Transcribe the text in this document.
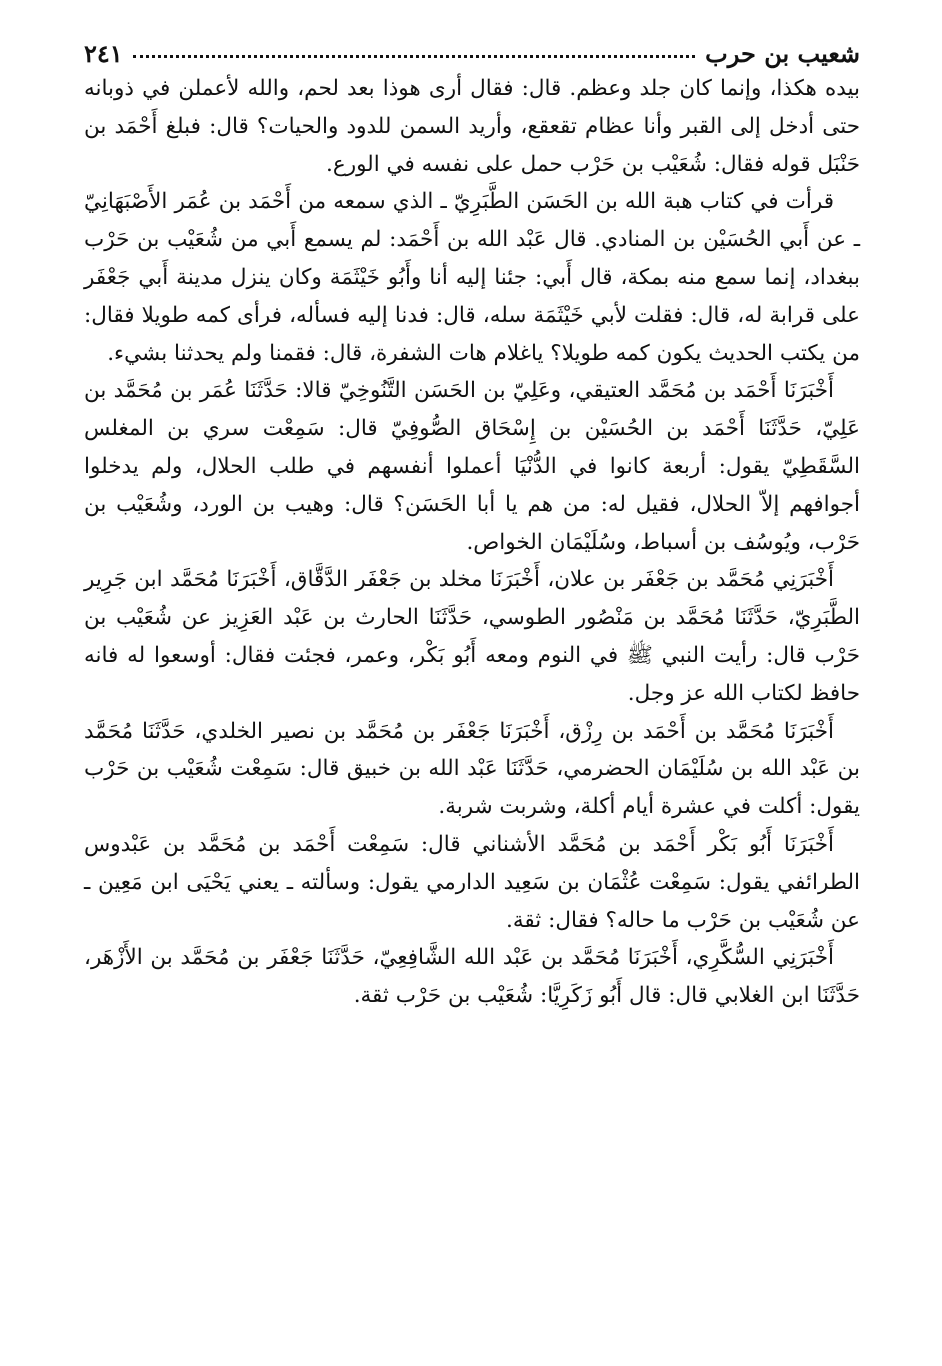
شعيب بن حرب
٢٤١

بيده هكذا، وإنما كان جلد وعظم. قال: فقال أرى هوذا بعد لحم، والله لأعملن في ذوبانه حتى أدخل إلى القبر وأنا عظام تقعقع، وأريد السمن للدود والحيات؟ قال: فبلغ أَحْمَد بن حَنْبَل قوله فقال: شُعَيْب بن حَرْب حمل على نفسه في الورع.

قرأت في كتاب هبة الله بن الحَسَن الطَّبَرِيّ ـ الذي سمعه من أَحْمَد بن عُمَر الأَصْبَهَانِيّ ـ عن أَبي الحُسَيْن بن المنادي. قال عَبْد الله بن أَحْمَد: لم يسمع أَبي من شُعَيْب بن حَرْب ببغداد، إنما سمع منه بمكة، قال أَبي: جئنا إليه أنا وأَبُو خَيْثَمَة وكان ينزل مدينة أَبي جَعْفَر على قرابة له، قال: فقلت لأبي خَيْثَمَة سله، قال: فدنا إليه فسأله، فرأى كمه طويلا فقال: من يكتب الحديث يكون كمه طويلا؟ ياغلام هات الشفرة، قال: فقمنا ولم يحدثنا بشيء.

أَخْبَرَنَا أَحْمَد بن مُحَمَّد العتيقي، وعَلِيّ بن الحَسَن التَّنُوخِيّ قالا: حَدَّثَنَا عُمَر بن مُحَمَّد بن عَلِيّ، حَدَّثَنَا أَحْمَد بن الحُسَيْن بن إِسْحَاق الصُّوفِيّ قال: سَمِعْت سري بن المغلس السَّقَطِيّ يقول: أربعة كانوا في الدُّنْيَا أعملوا أنفسهم في طلب الحلال، ولم يدخلوا أجوافهم إلاّ الحلال، فقيل له: من هم يا أبا الحَسَن؟ قال: وهيب بن الورد، وشُعَيْب بن حَرْب، ويُوسُف بن أسباط، وسُلَيْمَان الخواص.

أَخْبَرَنِي مُحَمَّد بن جَعْفَر بن علان، أَخْبَرَنَا مخلد بن جَعْفَر الدَّقَّاق، أَخْبَرَنَا مُحَمَّد ابن جَرِير الطَّبَرِيّ، حَدَّثَنَا مُحَمَّد بن مَنْصُور الطوسي، حَدَّثَنَا الحارث بن عَبْد العَزِيز عن شُعَيْب بن حَرْب قال: رأيت النبي ﷺ في النوم ومعه أَبُو بَكْر، وعمر، فجئت فقال: أوسعوا له فانه حافظ لكتاب الله عز وجل.

أَخْبَرَنَا مُحَمَّد بن أَحْمَد بن رِزْق، أَخْبَرَنَا جَعْفَر بن مُحَمَّد بن نصير الخلدي، حَدَّثَنَا مُحَمَّد بن عَبْد الله بن سُلَيْمَان الحضرمي، حَدَّثَنَا عَبْد الله بن خبيق قال: سَمِعْت شُعَيْب بن حَرْب يقول: أكلت في عشرة أيام أكلة، وشربت شربة.

أَخْبَرَنَا أَبُو بَكْر أَحْمَد بن مُحَمَّد الأشناني قال: سَمِعْت أَحْمَد بن مُحَمَّد بن عَبْدوس الطرائفي يقول: سَمِعْت عُثْمَان بن سَعِيد الدارمي يقول: وسألته ـ يعني يَحْيَى ابن مَعِين ـ عن شُعَيْب بن حَرْب ما حاله؟ فقال: ثقة.

أَخْبَرَنِي السُّكَّرِي، أَخْبَرَنَا مُحَمَّد بن عَبْد الله الشَّافِعِيّ، حَدَّثَنَا جَعْفَر بن مُحَمَّد بن الأَزْهَر، حَدَّثَنَا ابن الغلابي قال: قال أَبُو زَكَرِيَّا: شُعَيْب بن حَرْب ثقة.
